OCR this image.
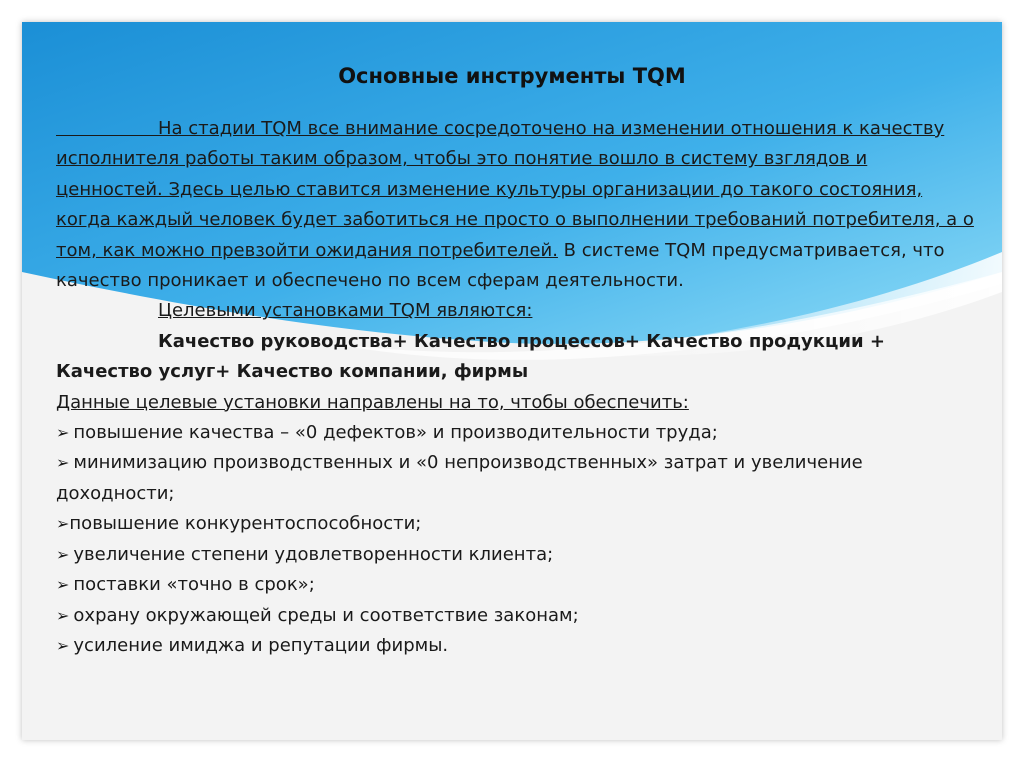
Основные инструменты TQM

На стадии TQM все внимание сосредоточено на изменении отношения к качеству исполнителя работы таким образом, чтобы это понятие вошло в систему взглядов и ценностей. Здесь целью ставится изменение культуры организации до такого состояния, когда каждый человек будет заботиться не просто о выполнении требований потребителя, а о том, как можно превзойти ожидания потребителей. В системе TQM предусматривается, что качество проникает и обеспечено по всем сферам деятельности.

Целевыми установками TQM являются:

Качество руководства+ Качество процессов+ Качество продукции + Качество услуг+ Качество компании, фирмы

Данные целевые установки направлены на то, чтобы обеспечить:

➢ повышение качества – «0 дефектов» и производительности труда;
➢ минимизацию производственных и «0 непроизводственных» затрат и увеличение доходности;
➢повышение конкурентоспособности;
➢ увеличение степени удовлетворенности клиента;
➢ поставки «точно в срок»;
➢ охрану окружающей среды и соответствие законам;
➢ усиление имиджа и репутации фирмы.
